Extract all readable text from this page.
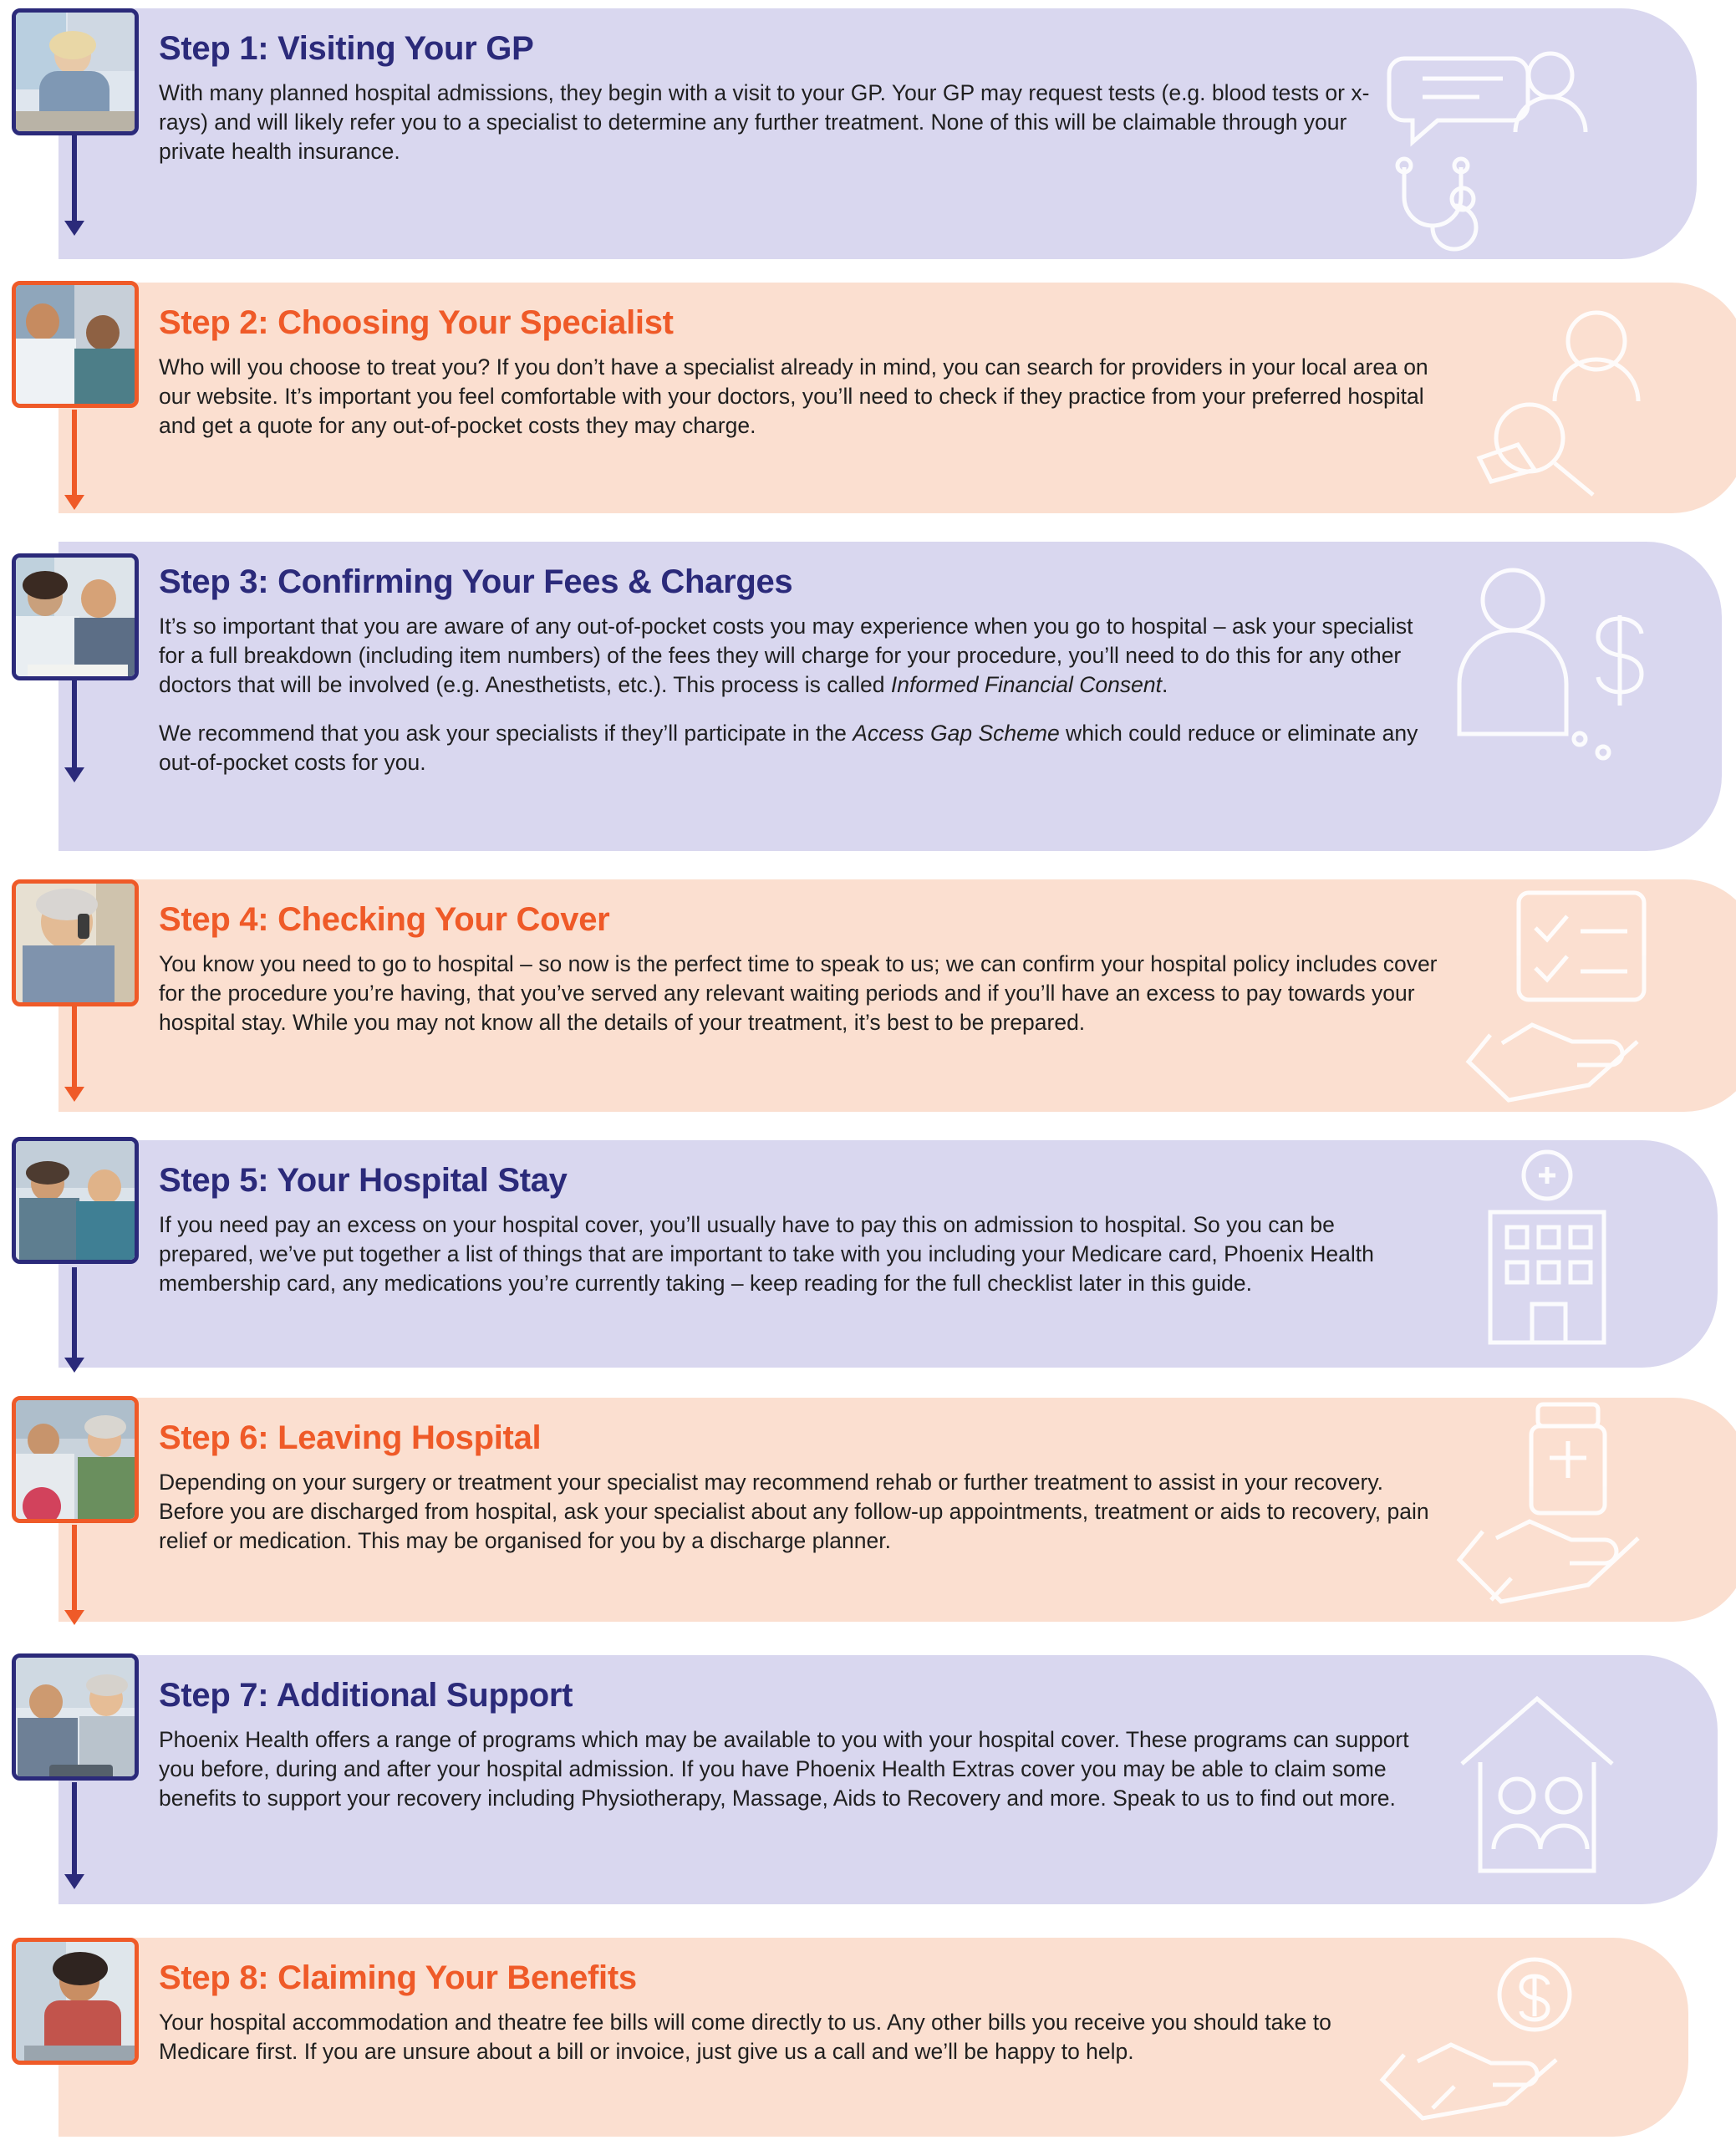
Step 1: Visiting Your GP

With many planned hospital admissions, they begin with a visit to your GP. Your GP may request tests (e.g. blood tests or x-rays) and will likely refer you to a specialist to determine any further treatment. None of this will be claimable through your private health insurance.

Step 2: Choosing Your Specialist

Who will you choose to treat you? If you don’t have a specialist already in mind, you can search for providers in your local area on our website. It’s important you feel comfortable with your doctors, you’ll need to check if they practice from your preferred hospital and get a quote for any out-of-pocket costs they may charge.

Step 3: Confirming Your Fees & Charges

It’s so important that you are aware of any out-of-pocket costs you may experience when you go to hospital – ask your specialist for a full breakdown (including item numbers) of the fees they will charge for your procedure, you’ll need to do this for any other doctors that will be involved (e.g. Anesthetists, etc.). This process is called Informed Financial Consent.

We recommend that you ask your specialists if they’ll participate in the Access Gap Scheme which could reduce or eliminate any out-of-pocket costs for you.

Step 4: Checking Your Cover

You know you need to go to hospital – so now is the perfect time to speak to us; we can confirm your hospital policy includes cover for the procedure you’re having, that you’ve served any relevant waiting periods and if you’ll have an excess to pay towards your hospital stay. While you may not know all the details of your treatment, it’s best to be prepared.

Step 5: Your Hospital Stay

If you need pay an excess on your hospital cover, you’ll usually have to pay this on admission to hospital. So you can be prepared, we’ve put together a list of things that are important to take with you including your Medicare card, Phoenix Health membership card, any medications you’re currently taking – keep reading for the full checklist later in this guide.

Step 6: Leaving Hospital

Depending on your surgery or treatment your specialist may recommend rehab or further treatment to assist in your recovery. Before you are discharged from hospital, ask your specialist about any follow-up appointments, treatment or aids to recovery, pain relief or medication. This may be organised for you by a discharge planner.

Step 7: Additional Support

Phoenix Health offers a range of programs which may be available to you with your hospital cover. These programs can support you before, during and after your hospital admission. If you have Phoenix Health Extras cover you may be able to claim some benefits to support your recovery including Physiotherapy, Massage, Aids to Recovery and more. Speak to us to find out more.

Step 8: Claiming Your Benefits

Your hospital accommodation and theatre fee bills will come directly to us. Any other bills you receive you should take to Medicare first. If you are unsure about a bill or invoice, just give us a call and we’ll be happy to help.
